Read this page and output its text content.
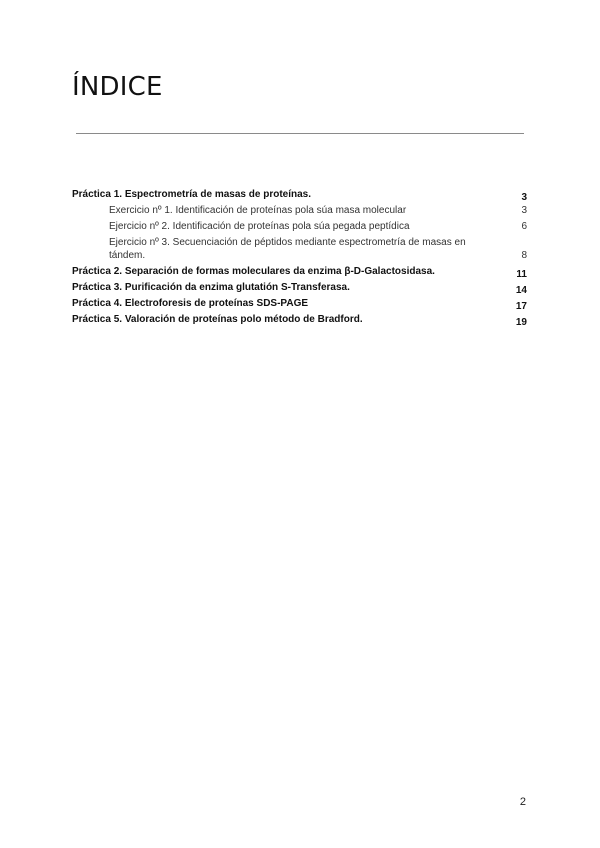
ÍNDICE
Práctica 1. Espectrometría de masas de proteínas.	3
Exercicio nº 1. Identificación de proteínas pola súa masa molecular	3
Ejercicio nº 2. Identificación de proteínas pola súa pegada peptídica	6
Ejercicio nº 3. Secuenciación de péptidos mediante espectrometría de masas en tándem.	8
Práctica 2. Separación de formas moleculares da enzima β-D-Galactosidasa.	11
Práctica 3. Purificación da enzima glutatión S-Transferasa.	14
Práctica 4. Electroforesis de proteínas SDS-PAGE	17
Práctica 5. Valoración de proteínas polo método de Bradford.	19
2
